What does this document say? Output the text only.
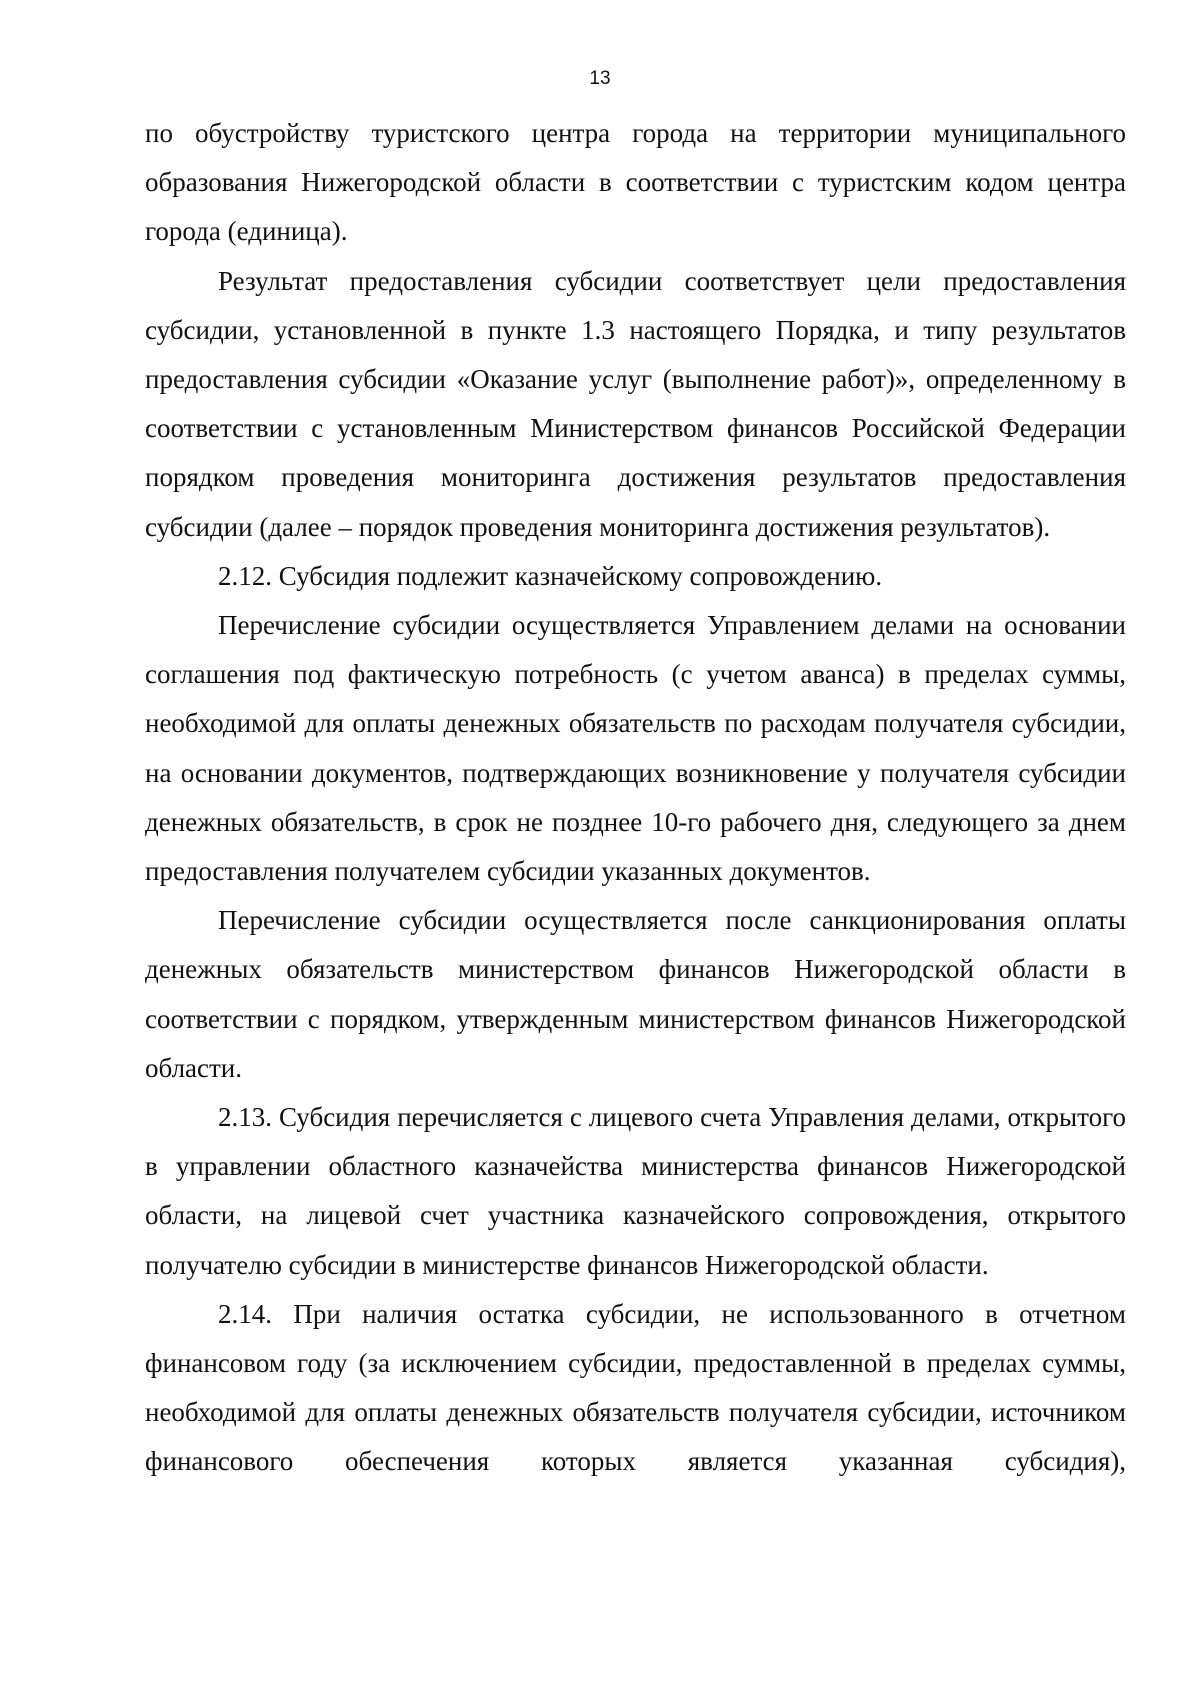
13

по обустройству туристского центра города на территории муниципального образования Нижегородской области в соответствии с туристским кодом центра города (единица).

Результат предоставления субсидии соответствует цели предоставления субсидии, установленной в пункте 1.3 настоящего Порядка, и типу результатов предоставления субсидии «Оказание услуг (выполнение работ)», определенному в соответствии с установленным Министерством финансов Российской Федерации порядком проведения мониторинга достижения результатов предоставления субсидии (далее – порядок проведения мониторинга достижения результатов).

2.12. Субсидия подлежит казначейскому сопровождению.

Перечисление субсидии осуществляется Управлением делами на основании соглашения под фактическую потребность (с учетом аванса) в пределах суммы, необходимой для оплаты денежных обязательств по расходам получателя субсидии, на основании документов, подтверждающих возникновение у получателя субсидии денежных обязательств, в срок не позднее 10-го рабочего дня, следующего за днем предоставления получателем субсидии указанных документов.

Перечисление субсидии осуществляется после санкционирования оплаты денежных обязательств министерством финансов Нижегородской области в соответствии с порядком, утвержденным министерством финансов Нижегородской области.

2.13. Субсидия перечисляется с лицевого счета Управления делами, открытого в управлении областного казначейства министерства финансов Нижегородской области, на лицевой счет участника казначейского сопровождения, открытого получателю субсидии в министерстве финансов Нижегородской области.

2.14. При наличия остатка субсидии, не использованного в отчетном финансовом году (за исключением субсидии, предоставленной в пределах суммы, необходимой для оплаты денежных обязательств получателя субсидии, источником финансового обеспечения которых является указанная субсидия),
